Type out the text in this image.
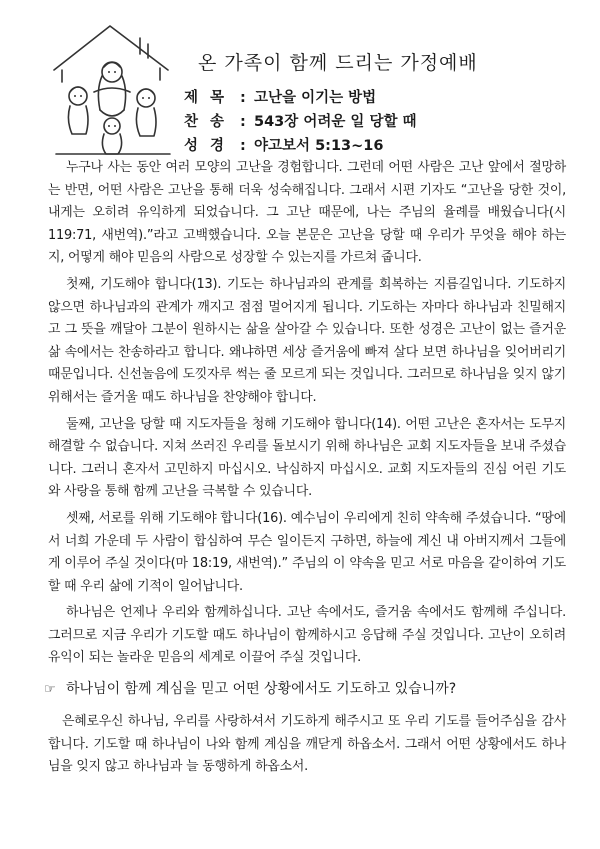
온 가족이 함께 드리는 가정예배
제목 : 고난을 이기는 방법
찬송 : 543장 어려운 일 당할 때
성경 : 야고보서 5:13~16

누구나 사는 동안 여러 모양의 고난을 경험합니다. 그런데 어떤 사람은 고난 앞에서 절망하는 반면, 어떤 사람은 고난을 통해 더욱 성숙해집니다. 그래서 시편 기자도 “고난을 당한 것이, 내게는 오히려 유익하게 되었습니다. 그 고난 때문에, 나는 주님의 율례를 배웠습니다(시 119:71, 새번역).”라고 고백했습니다. 오늘 본문은 고난을 당할 때 우리가 무엇을 해야 하는지, 어떻게 해야 믿음의 사람으로 성장할 수 있는지를 가르쳐 줍니다.

첫째, 기도해야 합니다(13). 기도는 하나님과의 관계를 회복하는 지름길입니다. 기도하지 않으면 하나님과의 관계가 깨지고 점점 멀어지게 됩니다. 기도하는 자마다 하나님과 친밀해지고 그 뜻을 깨달아 그분이 원하시는 삶을 살아갈 수 있습니다. 또한 성경은 고난이 없는 즐거운 삶 속에서는 찬송하라고 합니다. 왜냐하면 세상 즐거움에 빠져 살다 보면 하나님을 잊어버리기 때문입니다. 신선놀음에 도낏자루 썩는 줄 모르게 되는 것입니다. 그러므로 하나님을 잊지 않기 위해서는 즐거울 때도 하나님을 찬양해야 합니다.

둘째, 고난을 당할 때 지도자들을 청해 기도해야 합니다(14). 어떤 고난은 혼자서는 도무지 해결할 수 없습니다. 지쳐 쓰러진 우리를 돌보시기 위해 하나님은 교회 지도자들을 보내 주셨습니다. 그러니 혼자서 고민하지 마십시오. 낙심하지 마십시오. 교회 지도자들의 진심 어린 기도와 사랑을 통해 함께 고난을 극복할 수 있습니다.

셋째, 서로를 위해 기도해야 합니다(16). 예수님이 우리에게 친히 약속해 주셨습니다. “땅에서 너희 가운데 두 사람이 합심하여 무슨 일이든지 구하면, 하늘에 계신 내 아버지께서 그들에게 이루어 주실 것이다(마 18:19, 새번역).” 주님의 이 약속을 믿고 서로 마음을 같이하여 기도할 때 우리 삶에 기적이 일어납니다.

하나님은 언제나 우리와 함께하십니다. 고난 속에서도, 즐거움 속에서도 함께해 주십니다. 그러므로 지금 우리가 기도할 때도 하나님이 함께하시고 응답해 주실 것입니다. 고난이 오히려 유익이 되는 놀라운 믿음의 세계로 이끌어 주실 것입니다.

☞ 하나님이 함께 계심을 믿고 어떤 상황에서도 기도하고 있습니까?

은혜로우신 하나님, 우리를 사랑하셔서 기도하게 해주시고 또 우리 기도를 들어주심을 감사합니다. 기도할 때 하나님이 나와 함께 계심을 깨닫게 하옵소서. 그래서 어떤 상황에서도 하나님을 잊지 않고 하나님과 늘 동행하게 하옵소서.
